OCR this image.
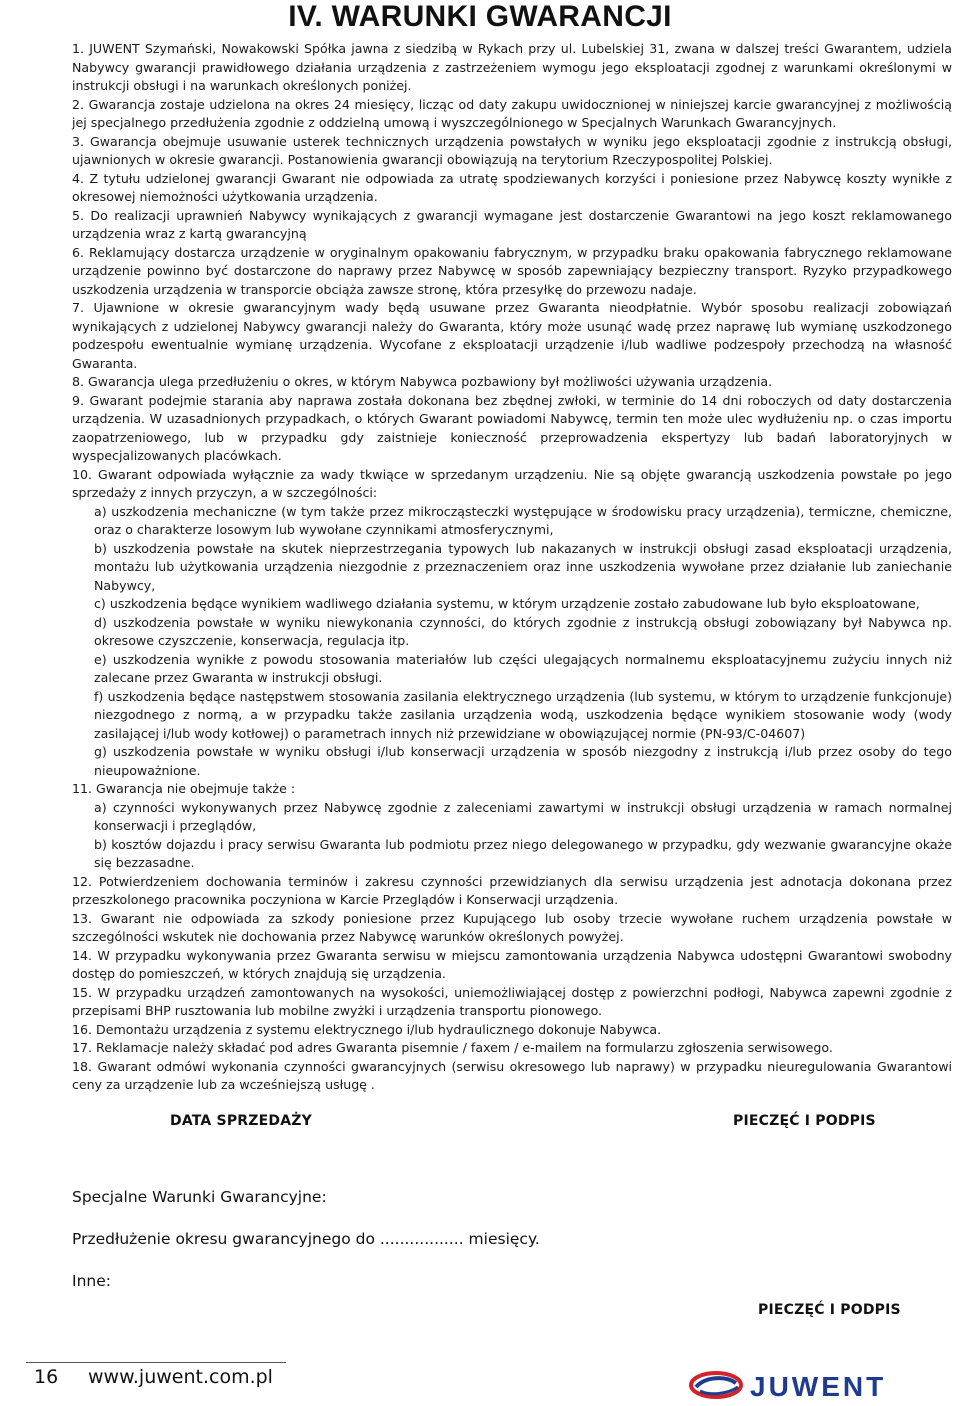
IV. WARUNKI GWARANCJI

1. JUWENT Szymański, Nowakowski Spółka jawna z siedzibą w Rykach przy ul. Lubelskiej 31, zwana w dalszej treści Gwarantem, udziela Nabywcy gwarancji prawidłowego działania urządzenia z zastrzeżeniem wymogu jego eksploatacji zgodnej z warunkami określonymi w instrukcji obsługi i na warunkach określonych poniżej.

2. Gwarancja zostaje udzielona na okres 24 miesięcy, licząc od daty zakupu uwidocznionej w niniejszej karcie gwarancyjnej z możliwością jej specjalnego przedłużenia zgodnie z oddzielną umową i wyszczególnionego w Specjalnych Warunkach Gwarancyjnych.

3. Gwarancja obejmuje usuwanie usterek technicznych urządzenia powstałych w wyniku jego eksploatacji zgodnie z instrukcją obsługi, ujawnionych w okresie gwarancji. Postanowienia gwarancji obowiązują na terytorium Rzeczypospolitej Polskiej.

4. Z tytułu udzielonej gwarancji Gwarant nie odpowiada za utratę spodziewanych korzyści i poniesione przez Nabywcę koszty wynikłe z okresowej niemożności użytkowania urządzenia.

5. Do realizacji uprawnień Nabywcy wynikających z gwarancji wymagane jest dostarczenie Gwarantowi na jego koszt reklamowanego urządzenia wraz z kartą gwarancyjną

6. Reklamujący dostarcza urządzenie w oryginalnym opakowaniu fabrycznym, w przypadku braku opakowania fabrycznego reklamowane urządzenie powinno być dostarczone do naprawy przez Nabywcę w sposób zapewniający bezpieczny transport. Ryzyko przypadkowego uszkodzenia urządzenia w transporcie obciąża zawsze stronę, która przesyłkę do przewozu nadaje.

7. Ujawnione w okresie gwarancyjnym wady będą usuwane przez Gwaranta nieodpłatnie. Wybór sposobu realizacji zobowiązań wynikających z udzielonej Nabywcy gwarancji należy do Gwaranta, który może usunąć wadę przez naprawę lub wymianę uszkodzonego podzespołu ewentualnie wymianę urządzenia. Wycofane z eksploatacji urządzenie i/lub wadliwe podzespoły przechodzą na własność Gwaranta.

8. Gwarancja ulega przedłużeniu o okres, w którym Nabywca pozbawiony był możliwości używania urządzenia.

9. Gwarant podejmie starania aby naprawa została dokonana bez zbędnej zwłoki, w terminie do 14 dni roboczych od daty dostarczenia urządzenia. W uzasadnionych przypadkach, o których Gwarant powiadomi Nabywcę, termin ten może ulec wydłużeniu np. o czas importu zaopatrzeniowego, lub w przypadku gdy zaistnieje konieczność przeprowadzenia ekspertyzy lub badań laboratoryjnych w wyspecjalizowanych placówkach.

10. Gwarant odpowiada wyłącznie za wady tkwiące w sprzedanym urządzeniu. Nie są objęte gwarancją uszkodzenia powstałe po jego sprzedaży z innych przyczyn, a w szczególności:

a) uszkodzenia mechaniczne (w tym także przez mikrocząsteczki występujące w środowisku pracy urządzenia), termiczne, chemiczne, oraz o charakterze losowym lub wywołane czynnikami atmosferycznymi,

b) uszkodzenia powstałe na skutek nieprzestrzegania typowych lub nakazanych w instrukcji obsługi zasad eksploatacji urządzenia, montażu lub użytkowania urządzenia niezgodnie z przeznaczeniem oraz inne uszkodzenia wywołane przez działanie lub zaniechanie Nabywcy,

c) uszkodzenia będące wynikiem wadliwego działania systemu, w którym urządzenie zostało zabudowane lub było eksploatowane,

d) uszkodzenia powstałe w wyniku niewykonania czynności, do których zgodnie z instrukcją obsługi zobowiązany był Nabywca np. okresowe czyszczenie, konserwacja, regulacja itp.

e) uszkodzenia wynikłe z powodu stosowania materiałów lub części ulegających normalnemu eksploatacyjnemu zużyciu innych niż zalecane przez Gwaranta w instrukcji obsługi.

f) uszkodzenia będące następstwem stosowania zasilania elektrycznego urządzenia (lub systemu, w którym to urządzenie funkcjonuje) niezgodnego z normą, a w przypadku także zasilania urządzenia wodą, uszkodzenia będące wynikiem stosowanie wody (wody zasilającej i/lub wody kotłowej) o parametrach innych niż przewidziane w obowiązującej normie (PN-93/C-04607)

g) uszkodzenia powstałe w wyniku obsługi i/lub konserwacji urządzenia w sposób niezgodny z instrukcją i/lub przez osoby do tego nieupoważnione.

11. Gwarancja nie obejmuje także :

a) czynności wykonywanych przez Nabywcę zgodnie z zaleceniami zawartymi w instrukcji obsługi urządzenia w ramach normalnej konserwacji i przeglądów,

b) kosztów dojazdu i pracy serwisu Gwaranta lub podmiotu przez niego delegowanego w przypadku, gdy wezwanie gwarancyjne okaże się bezzasadne.

12. Potwierdzeniem dochowania terminów i zakresu czynności przewidzianych dla serwisu urządzenia jest adnotacja dokonana przez przeszkolonego pracownika poczyniona w Karcie Przeglądów i Konserwacji urządzenia.

13. Gwarant nie odpowiada za szkody poniesione przez Kupującego lub osoby trzecie wywołane ruchem urządzenia powstałe w szczególności wskutek nie dochowania przez Nabywcę warunków określonych powyżej.

14. W przypadku wykonywania przez Gwaranta serwisu w miejscu zamontowania urządzenia Nabywca udostępni Gwarantowi swobodny dostęp do pomieszczeń, w których znajdują się urządzenia.

15. W przypadku urządzeń zamontowanych na wysokości, uniemożliwiającej dostęp z powierzchni podłogi, Nabywca zapewni zgodnie z przepisami BHP rusztowania lub mobilne zwyżki i urządzenia transportu pionowego.

16. Demontażu urządzenia z systemu elektrycznego i/lub hydraulicznego dokonuje Nabywca.

17. Reklamacje należy składać pod adres Gwaranta pisemnie / faxem / e-mailem na formularzu zgłoszenia serwisowego.

18. Gwarant odmówi wykonania czynności gwarancyjnych (serwisu okresowego lub naprawy) w przypadku nieuregulowania Gwarantowi ceny za urządzenie lub za wcześniejszą usługę .

DATA SPRZEDAŻY	PIECZĘĆ I PODPIS
Specjalne Warunki Gwarancyjne:
Przedłużenie okresu gwarancyjnego do ................. miesięcy.
Inne:
PIECZĘĆ I PODPIS
16 www.juwent.com.pl	JUWENT
